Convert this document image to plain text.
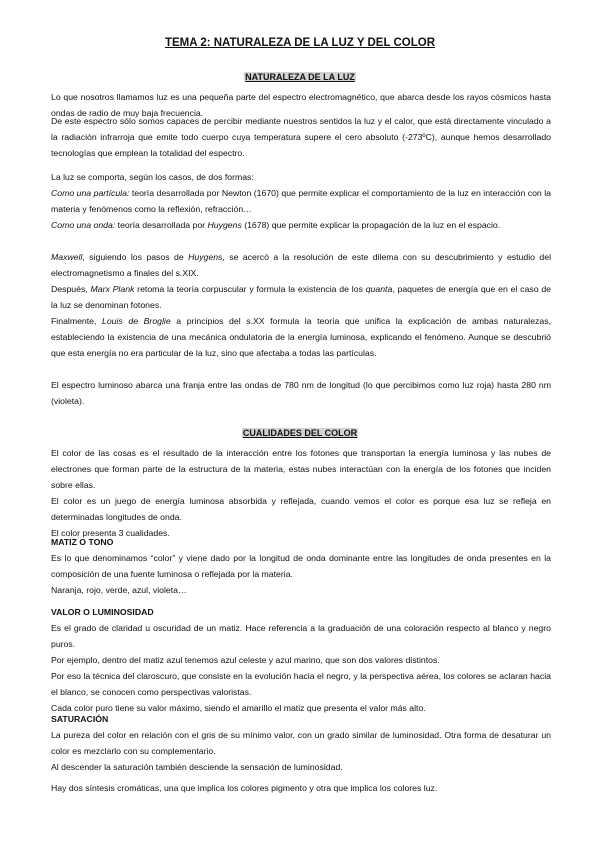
TEMA 2: NATURALEZA DE LA LUZ Y DEL COLOR
NATURALEZA DE LA LUZ

Lo que nosotros llamamos luz es una pequeña parte del espectro electromagnético, que abarca desde los rayos cósmicos hasta ondas de radio de muy baja frecuencia.

De este espectro sólo somos capaces de percibir mediante nuestros sentidos la luz y el calor, que está directamente vinculado a la radiación infrarroja que emite todo cuerpo cuya temperatura supere el cero absoluto (-273ºC), aunque hemos desarrollado tecnologías que emplean la totalidad del espectro.

La luz se comporta, según los casos, de dos formas:
Como una partícula: teoría desarrollada por Newton (1670) que permite explicar el comportamiento de la luz en interacción con la materia y fenómenos como la reflexión, refracción…
Como una onda: teoría desarrollada por Huygens (1678) que permite explicar la propagación de la luz en el espacio.

Maxwell, siguiendo los pasos de Huygens, se acercó a la resolución de este dilema con su descubrimiento y estudio del electromagnetismo a finales del s.XIX.
Después, Marx Plank retoma la teoría corpuscular y formula la existencia de los quanta, paquetes de energía que en el caso de la luz se denominan fotones.
Finalmente, Louis de Broglie a principios del s.XX formula la teoría que unifica la explicación de ambas naturalezas, estableciendo la existencia de una mecánica ondulatoria de la energía luminosa, explicando el fenómeno. Aunque se descubrió que esta energía no era particular de la luz, sino que afectaba a todas las partículas.

El espectro luminoso abarca una franja entre las ondas de 780 nm de longitud (lo que percibimos como luz roja) hasta 280 nm (violeta).

CUALIDADES DEL COLOR

El color de las cosas es el resultado de la interacción entre los fotones que transportan la energía luminosa y las nubes de electrones que forman parte de la estructura de la materia, estas nubes interactúan con la energía de los fotones que inciden sobre ellas.
El color es un juego de energía luminosa absorbida y reflejada, cuando vemos el color es porque esa luz se refleja en determinadas longitudes de onda.
El color presenta 3 cualidades.

MATIZ O TONO

Es lo que denominamos “color” y viene dado por la longitud de onda dominante entre las longitudes de onda presentes en la composición de una fuente luminosa o reflejada por la materia.
Naranja, rojo, verde, azul, violeta…

VALOR O LUMINOSIDAD

Es el grado de claridad u oscuridad de un matiz. Hace referencia a la graduación de una coloración respecto al blanco y negro puros.
Por ejemplo, dentro del matiz azul tenemos azul celeste y azul marino, que son dos valores distintos.
Por eso la técnica del claroscuro, que consiste en la evolución hacia el negro, y la perspectiva aérea, los colores se aclaran hacia el blanco, se conocen como perspectivas valoristas.
Cada color puro tiene su valor máximo, siendo el amarillo el matiz que presenta el valor más alto.

SATURACIÓN

La pureza del color en relación con el gris de su mínimo valor, con un grado similar de luminosidad. Otra forma de desaturar un color es mezclarlo con su complementario.
Al descender la saturación también desciende la sensación de luminosidad.

Hay dos síntesis cromáticas, una que implica los colores pigmento y otra que implica los colores luz.
